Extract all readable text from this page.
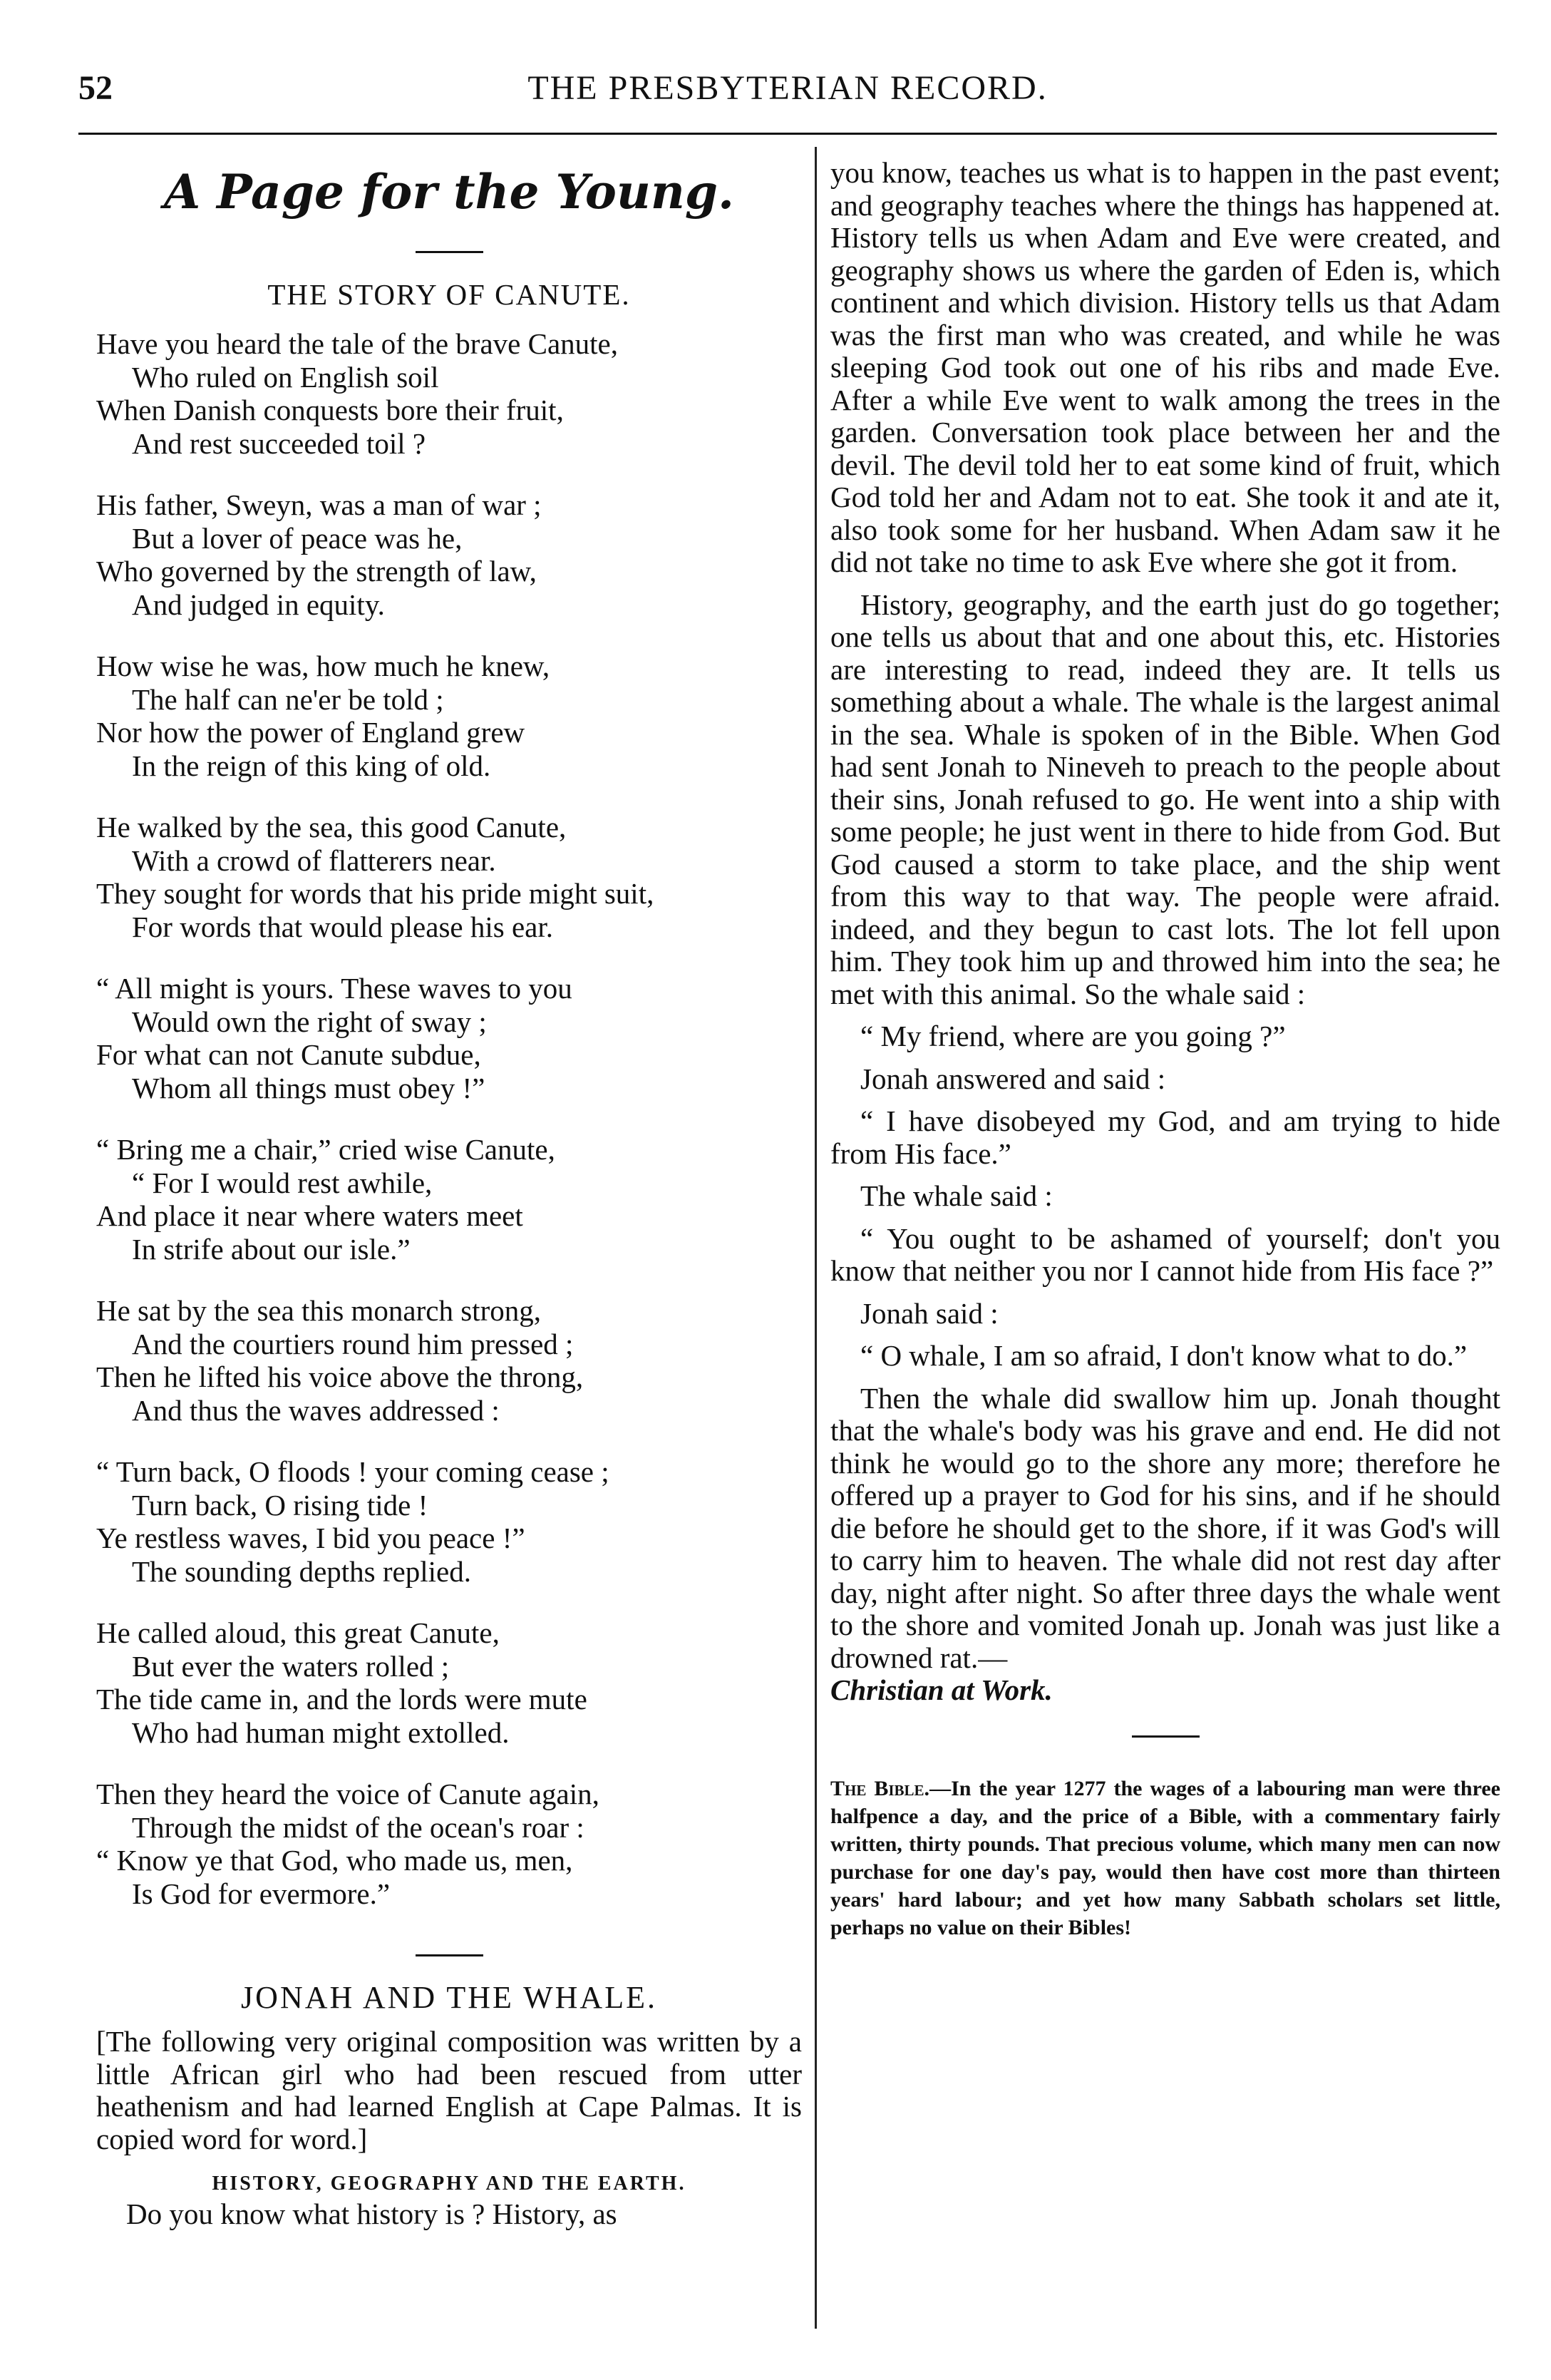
52	THE PRESBYTERIAN RECORD.
A Page for the Young.
THE STORY OF CANUTE.
Have you heard the tale of the brave Canute,
Who ruled on English soil
When Danish conquests bore their fruit,
And rest succeeded toil ?
His father, Sweyn, was a man of war ;
But a lover of peace was he,
Who governed by the strength of law,
And judged in equity.
How wise he was, how much he knew,
The half can ne'er be told ;
Nor how the power of England grew
In the reign of this king of old.
He walked by the sea, this good Canute,
With a crowd of flatterers near.
They sought for words that his pride might suit,
For words that would please his ear.
“ All might is yours. These waves to you
Would own the right of sway ;
For what can not Canute subdue,
Whom all things must obey !”
“ Bring me a chair,” cried wise Canute,
“ For I would rest awhile,
And place it near where waters meet
In strife about our isle.”
He sat by the sea this monarch strong,
And the courtiers round him pressed ;
Then he lifted his voice above the throng,
And thus the waves addressed :
“ Turn back, O floods ! your coming cease ;
Turn back, O rising tide !
Ye restless waves, I bid you peace !”
The sounding depths replied.
He called aloud, this great Canute,
But ever the waters rolled ;
The tide came in, and the lords were mute
Who had human might extolled.
Then they heard the voice of Canute again,
Through the midst of the ocean's roar :
“ Know ye that God, who made us, men,
Is God for evermore.”
JONAH AND THE WHALE.

[The following very original composition was written by a little African girl who had been rescued from utter heathenism and had learned English at Cape Palmas. It is copied word for word.]

HISTORY, GEOGRAPHY AND THE EARTH.

Do you know what history is ? History, as

you know, teaches us what is to happen in the past event; and geography teaches where the things has happened at. History tells us when Adam and Eve were created, and geography shows us where the garden of Eden is, which continent and which division. History tells us that Adam was the first man who was created, and while he was sleeping God took out one of his ribs and made Eve. After a while Eve went to walk among the trees in the garden. Conversation took place between her and the devil. The devil told her to eat some kind of fruit, which God told her and Adam not to eat. She took it and ate it, also took some for her husband. When Adam saw it he did not take no time to ask Eve where she got it from.

History, geography, and the earth just do go together; one tells us about that and one about this, etc. Histories are interesting to read, indeed they are. It tells us something about a whale. The whale is the largest animal in the sea. Whale is spoken of in the Bible. When God had sent Jonah to Nineveh to preach to the people about their sins, Jonah refused to go. He went into a ship with some people; he just went in there to hide from God. But God caused a storm to take place, and the ship went from this way to that way. The people were afraid. indeed, and they begun to cast lots. The lot fell upon him. They took him up and throwed him into the sea; he met with this animal. So the whale said :

“ My friend, where are you going ?”

Jonah answered and said :

“ I have disobeyed my God, and am trying to hide from His face.”

The whale said :

“ You ought to be ashamed of yourself; don't you know that neither you nor I cannot hide from His face ?”

Jonah said :

“ O whale, I am so afraid, I don't know what to do.”

Then the whale did swallow him up. Jonah thought that the whale's body was his grave and end. He did not think he would go to the shore any more; therefore he offered up a prayer to God for his sins, and if he should die before he should get to the shore, if it was God's will to carry him to heaven. The whale did not rest day after day, night after night. So after three days the whale went to the shore and vomited Jonah up. Jonah was just like a drowned rat.—

Christian at Work.

The Bible.—In the year 1277 the wages of a labouring man were three halfpence a day, and the price of a Bible, with a commentary fairly written, thirty pounds. That precious volume, which many men can now purchase for one day's pay, would then have cost more than thirteen years' hard labour; and yet how many Sabbath scholars set little, perhaps no value on their Bibles!
